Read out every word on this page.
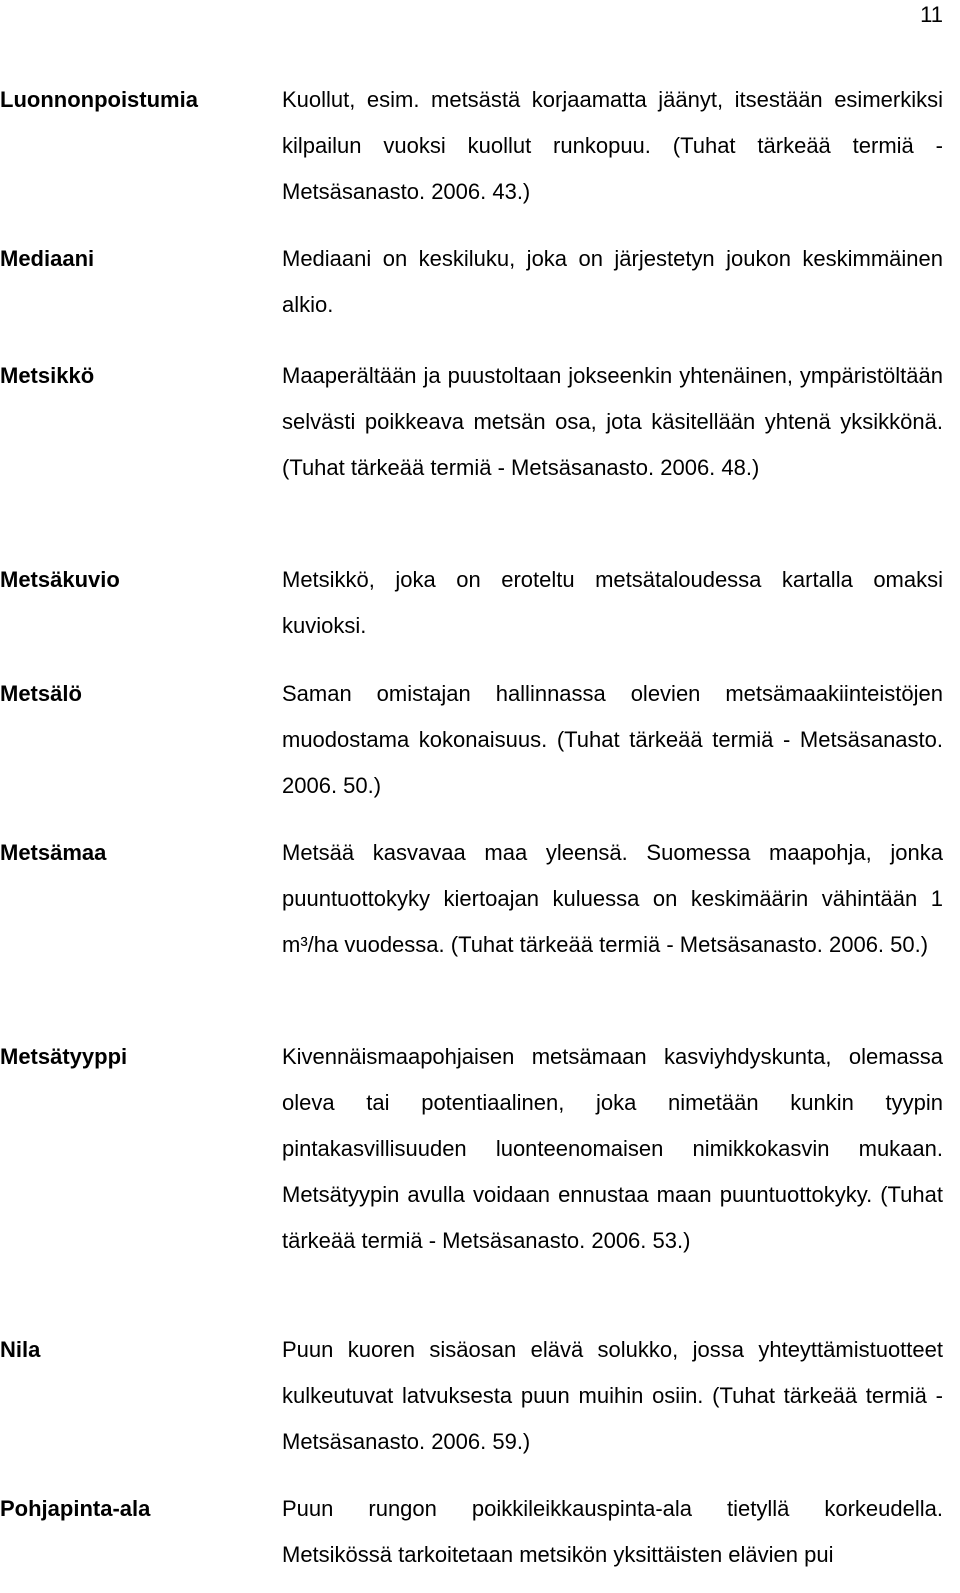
11
Luonnonpoistumia	Kuollut, esim. metsästä korjaamatta jäänyt, itsestään esimerkiksi kilpailun vuoksi kuollut runkopuu. (Tuhat tärkeää termiä - Metsäsanasto. 2006. 43.)
Mediaani	Mediaani on keskiluku, joka on järjestetyn joukon keskimmäinen alkio.
Metsikkö	Maaperältään ja puustoltaan jokseenkin yhtenäinen, ympäristöltään selvästi poikkeava metsän osa, jota käsitellään yhtenä yksikkönä. (Tuhat tärkeää termiä - Metsäsanasto. 2006. 48.)
Metsäkuvio	Metsikkö, joka on eroteltu metsätaloudessa kartalla omaksi kuvioksi.
Metsälö	Saman omistajan hallinnassa olevien metsämaakiinteistöjen muodostama kokonaisuus. (Tuhat tärkeää termiä - Metsäsanasto. 2006. 50.)
Metsämaa	Metsää kasvavaa maa yleensä. Suomessa maapohja, jonka puuntuottokyky kiertoajan kuluessa on keskimäärin vähintään 1 m³/ha vuodessa. (Tuhat tärkeää termiä - Metsäsanasto. 2006. 50.)
Metsätyyppi	Kivennäismaapohjaisen metsämaan kasviyhdyskunta, olemassa oleva tai potentiaalinen, joka nimetään kunkin tyypin pintakasvillisuuden luonteenomaisen nimikkokasvin mukaan. Metsätyypin avulla voidaan ennustaa maan puuntuottokyky. (Tuhat tärkeää termiä - Metsäsanasto. 2006. 53.)
Nila	Puun kuoren sisäosan elävä solukko, jossa yhteyttämistuotteet kulkeutuvat latvuksesta puun muihin osiin. (Tuhat tärkeää termiä - Metsäsanasto. 2006. 59.)
Pohjapinta-ala	Puun rungon poikkileikkauspinta-ala tietyllä korkeudella. Metsikössä tarkoitetaan metsikön yksittäisten elävien pui
